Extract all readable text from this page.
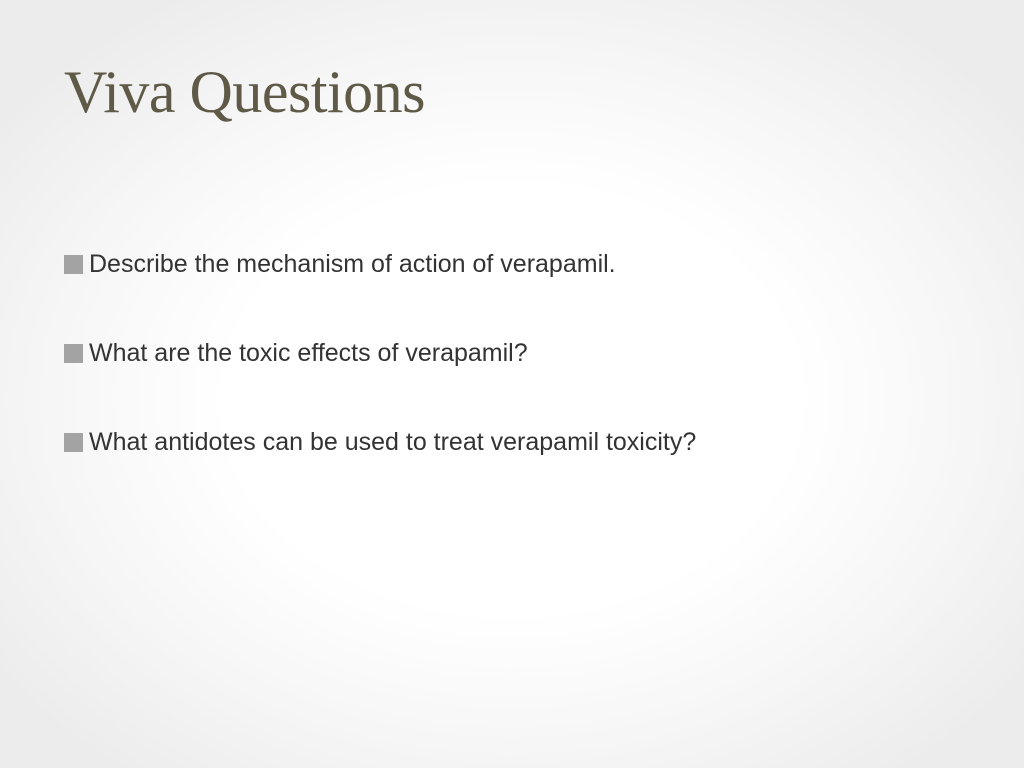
Viva Questions
Describe the mechanism of action of verapamil.
What are the toxic effects of verapamil?
What antidotes can be used to treat verapamil toxicity?
